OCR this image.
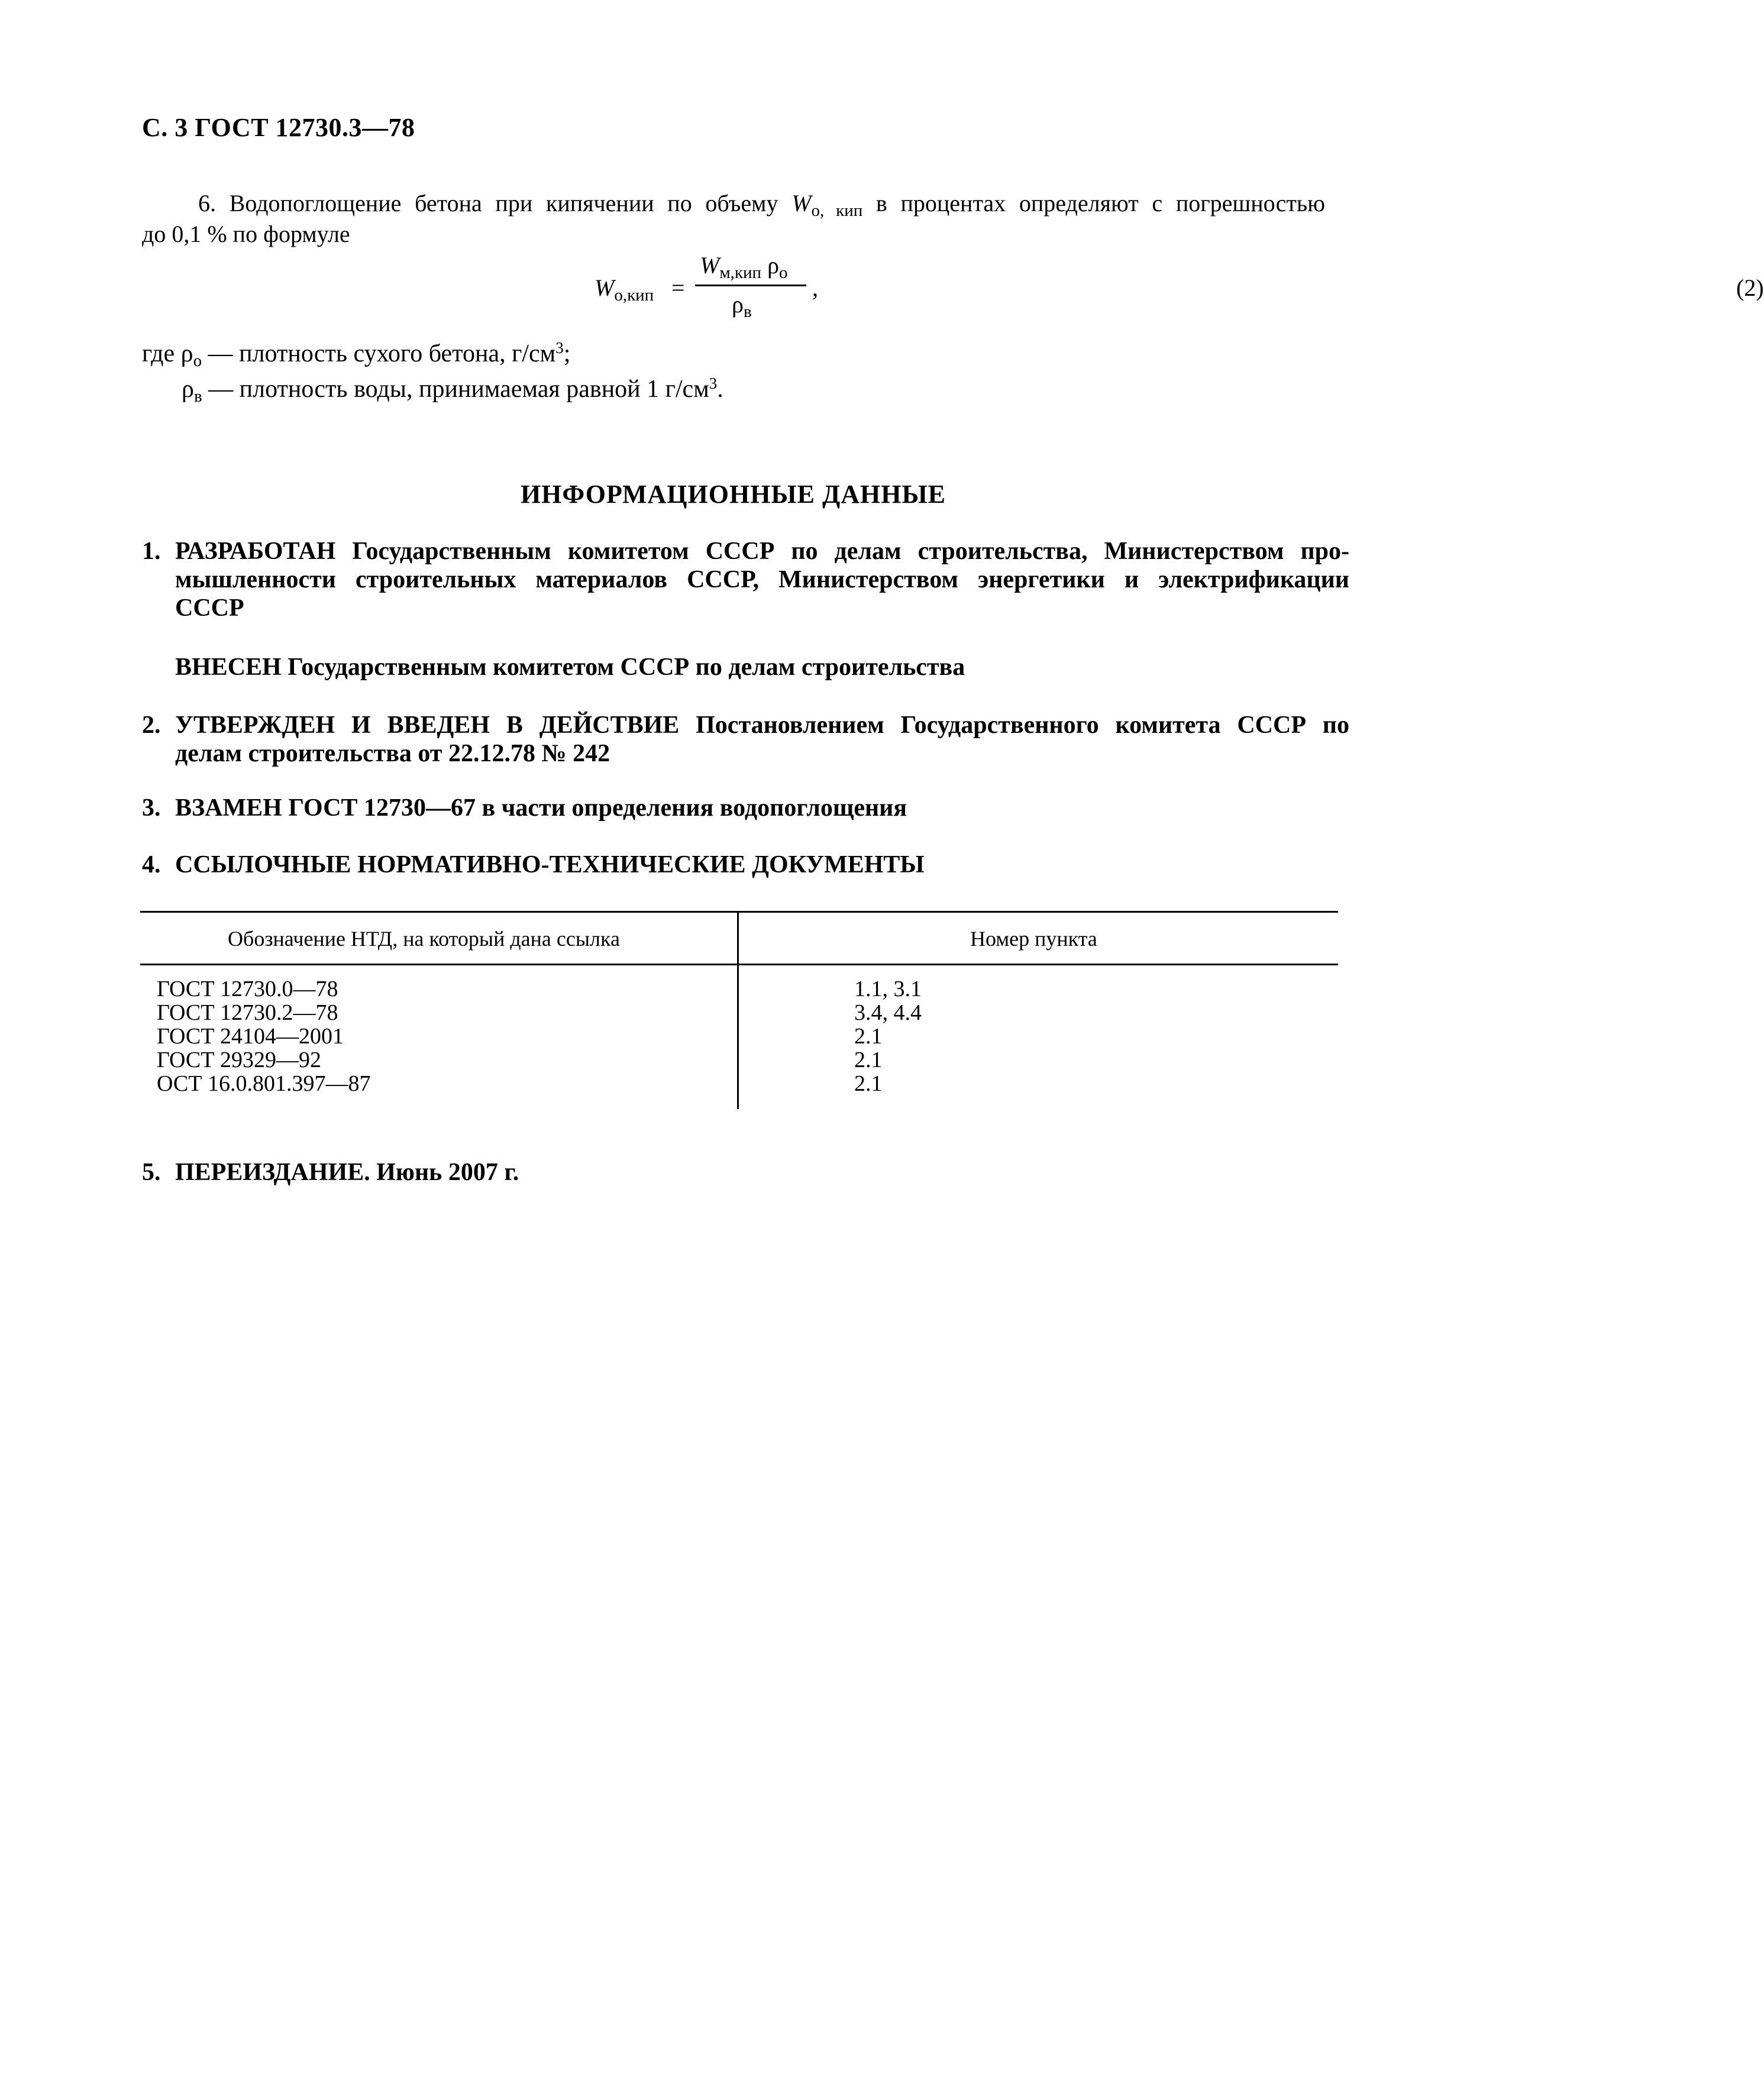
С. 3 ГОСТ 12730.3—78
6. Водопоглощение бетона при кипячении по объему $W_{о, кип}$ в процентах определяют с погрешностью
до 0,1 % по формуле
$W_{о,кип}$ =
$W_{м,кип}$ $\rho_о$
$\rho_в$
,	(2)
где $\rho_о$ — плотность сухого бетона, $г/см^3$;
$\rho_в$ — плотность воды, принимаемая равной 1 $г/см^3$.
ИНФОРМАЦИОННЫЕ ДАННЫЕ
1. РАЗРАБОТАН Государственным комитетом СССР по делам строительства, Министерством про-
мышленности строительных материалов СССР, Министерством энергетики и электрификации
СССР
ВНЕСЕН Государственным комитетом СССР по делам строительства
2. УТВЕРЖДЕН И ВВЕДЕН В ДЕЙСТВИЕ Постановлением Государственного комитета СССР по
делам строительства от 22.12.78 № 242
3. ВЗАМЕН ГОСТ 12730—67 в части определения водопоглощения
4. ССЫЛОЧНЫЕ НОРМАТИВНО-ТЕХНИЧЕСКИЕ ДОКУМЕНТЫ
Обозначение НТД, на который дана ссылка	Номер пункта
ГОСТ 12730.0—78	1.1, 3.1
ГОСТ 12730.2—78	3.4, 4.4
ГОСТ 24104—2001	2.1
ГОСТ 29329—92	2.1
ОСТ 16.0.801.397—87	2.1
5. ПЕРЕИЗДАНИЕ. Июнь 2007 г.
